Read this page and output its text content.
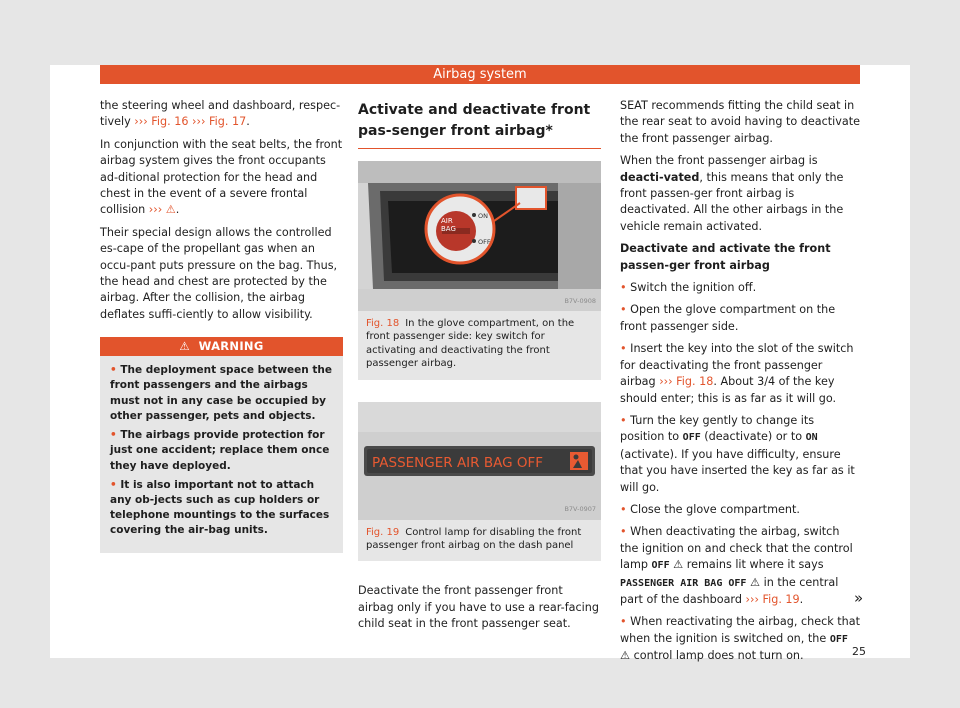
Airbag system

the steering wheel and dashboard, respec-tively ››› Fig. 16 ››› Fig. 17.

In conjunction with the seat belts, the front airbag system gives the front occupants ad-ditional protection for the head and chest in the event of a severe frontal collision ››› ⚠.

Their special design allows the controlled es-cape of the propellant gas when an occu-pant puts pressure on the bag. Thus, the head and chest are protected by the airbag. After the collision, the airbag deflates suffi-ciently to allow visibility.

⚠ WARNING
• The deployment space between the front passengers and the airbags must not in any case be occupied by other passenger, pets and objects.
• The airbags provide protection for just one accident; replace them once they have deployed.
• It is also important not to attach any ob-jects such as cup holders or telephone mountings to the surfaces covering the air-bag units.
Activate and deactivate front pas-senger front airbag*
AIR
BAG
ON
OFF
B7V-0908
Fig. 18 In the glove compartment, on the front passenger side: key switch for activating and deactivating the front passenger airbag.
PASSENGER AIR BAG OFF
B7V-0907
Fig. 19 Control lamp for disabling the front passenger front airbag on the dash panel

Deactivate the front passenger front airbag only if you have to use a rear-facing child seat in the front passenger seat.

SEAT recommends fitting the child seat in the rear seat to avoid having to deactivate the front passenger airbag.

When the front passenger airbag is deacti-vated, this means that only the front passen-ger front airbag is deactivated. All the other airbags in the vehicle remain activated.

Deactivate and activate the front passen-ger front airbag

• Switch the ignition off.

• Open the glove compartment on the front passenger side.

• Insert the key into the slot of the switch for deactivating the front passenger airbag ››› Fig. 18. About 3/4 of the key should enter; this is as far as it will go.

• Turn the key gently to change its position to OFF (deactivate) or to ON (activate). If you have difficulty, ensure that you have inserted the key as far as it will go.

• Close the glove compartment.

• When deactivating the airbag, switch the ignition on and check that the control lamp OFF ⚠ remains lit where it says PASSENGER AIR BAG OFF ⚠ in the central part of the dashboard ››› Fig. 19.

• When reactivating the airbag, check that when the ignition is switched on, the OFF ⚠ control lamp does not turn on.

»
25
